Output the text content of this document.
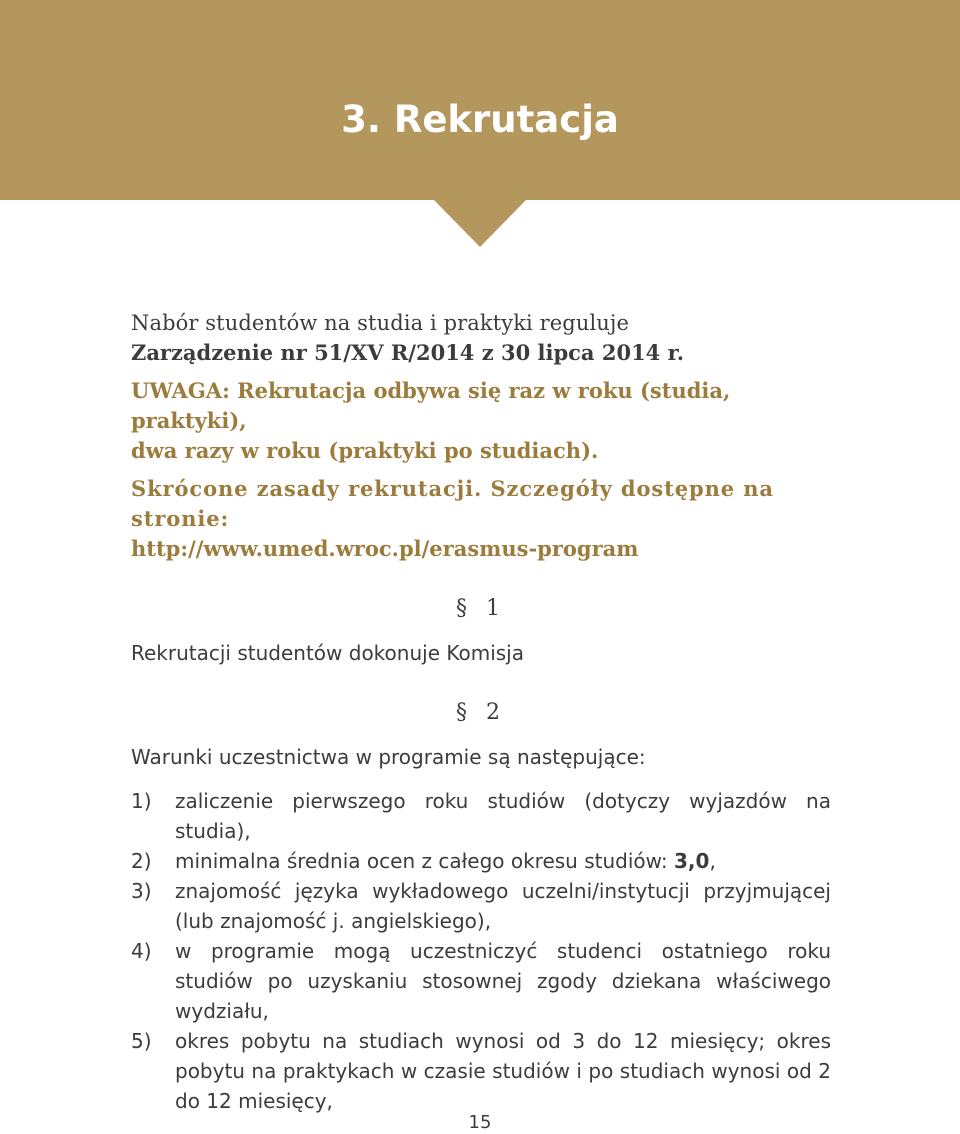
3. Rekrutacja

Nabór studentów na studia i praktyki reguluje

Zarządzenie nr 51/XV R/2014 z 30 lipca 2014 r.

UWAGA: Rekrutacja odbywa się raz w roku (studia, praktyki),

dwa razy w roku (praktyki po studiach).

Skrócone zasady rekrutacji. Szczegóły dostępne na stronie:

http://www.umed.wroc.pl/erasmus-program

§ 1

Rekrutacji studentów dokonuje Komisja

§ 2

Warunki uczestnictwa w programie są następujące:

1)	zaliczenie pierwszego roku studiów (dotyczy wyjazdów na studia),
2)	minimalna średnia ocen z całego okresu studiów: 3,0,
3)	znajomość języka wykładowego uczelni/instytucji przyjmującej (lub znajomość j. angielskiego),
4)	w programie mogą uczestniczyć studenci ostatniego roku studiów po uzyskaniu stosownej zgody dziekana właściwego wydziału,
5)	okres pobytu na studiach wynosi od 3 do 12 miesięcy; okres pobytu na praktykach w czasie studiów i po studiach wynosi od 2 do 12 miesięcy,

15
